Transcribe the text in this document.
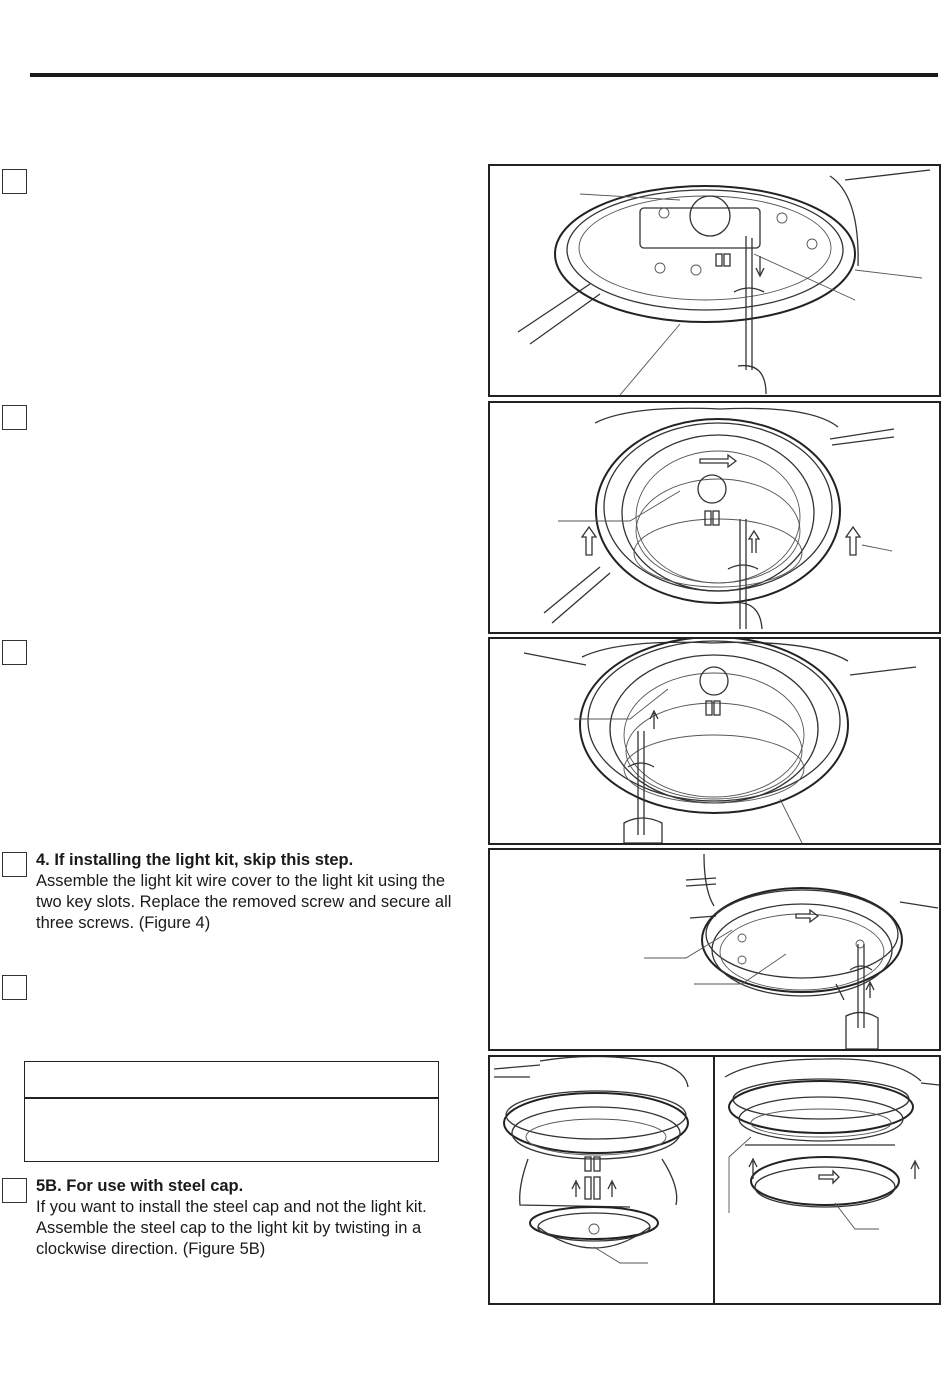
4. If installing the light kit, skip this step.
Assemble the light kit wire cover to the light kit using the two key slots. Replace the removed screw and secure all three screws. (Figure 4)
5B. For use with steel cap.
If you want to install the steel cap and not the light kit. Assemble the steel cap to the light kit by twisting in a clockwise direction. (Figure 5B)
